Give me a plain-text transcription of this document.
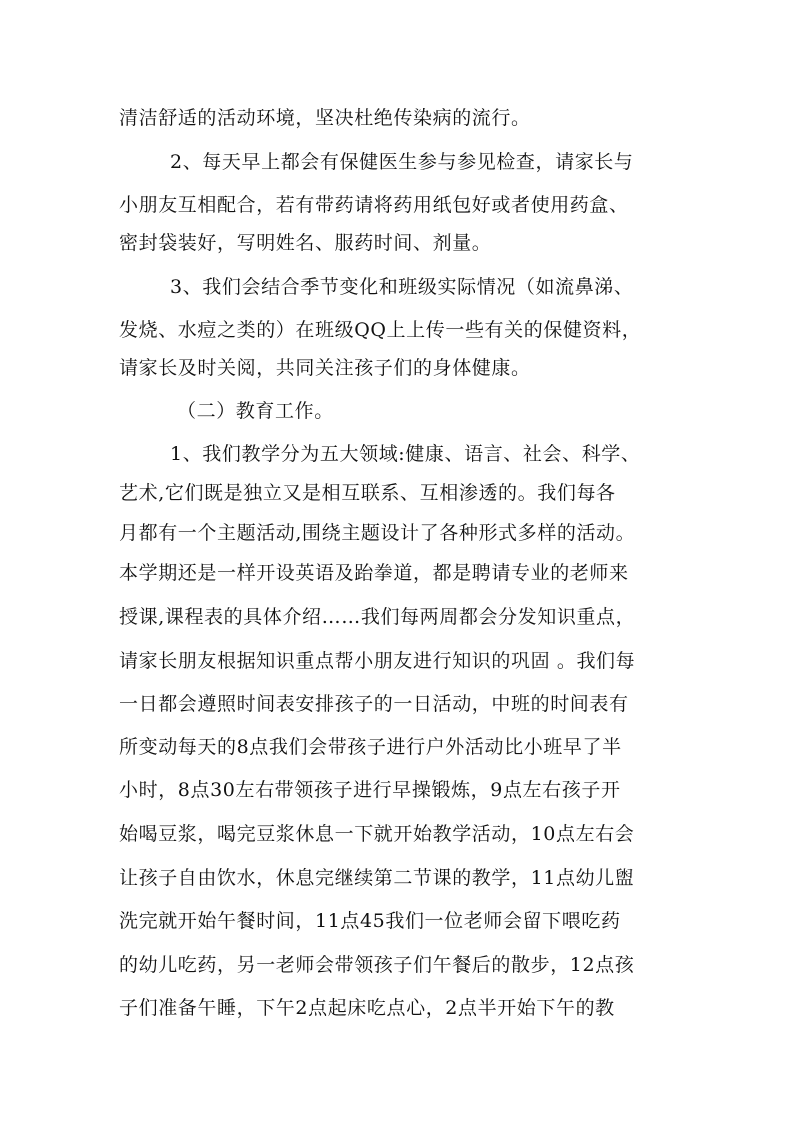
清洁舒适的活动环境，坚决杜绝传染病的流行。
2、每天早上都会有保健医生参与参见检查，请家长与
小朋友互相配合，若有带药请将药用纸包好或者使用药盒、
密封袋装好，写明姓名、服药时间、剂量。
3、我们会结合季节变化和班级实际情况（如流鼻涕、
发烧、水痘之类的）在班级QQ上上传一些有关的保健资料，
请家长及时关阅，共同关注孩子们的身体健康。
（二）教育工作。
1、我们教学分为五大领域:健康、语言、社会、科学、
艺术,它们既是独立又是相互联系、互相渗透的。我们每各
月都有一个主题活动,围绕主题设计了各种形式多样的活动。
本学期还是一样开设英语及跆拳道，都是聘请专业的老师来
授课,课程表的具体介绍……我们每两周都会分发知识重点，
请家长朋友根据知识重点帮小朋友进行知识的巩固 。我们每
一日都会遵照时间表安排孩子的一日活动，中班的时间表有
所变动每天的8点我们会带孩子进行户外活动比小班早了半
小时，8点30左右带领孩子进行早操锻炼，9点左右孩子开
始喝豆浆，喝完豆浆休息一下就开始教学活动，10点左右会
让孩子自由饮水，休息完继续第二节课的教学，11点幼儿盥
洗完就开始午餐时间，11点45我们一位老师会留下喂吃药
的幼儿吃药，另一老师会带领孩子们午餐后的散步，12点孩
子们准备午睡，下午2点起床吃点心，2点半开始下午的教
